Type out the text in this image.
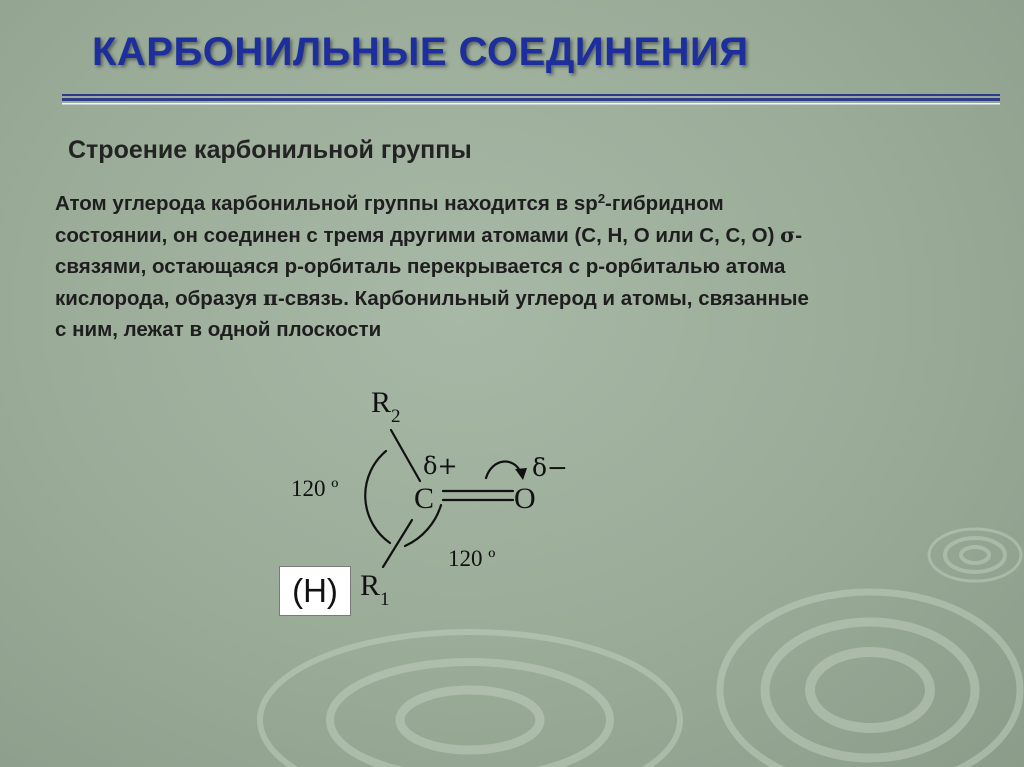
КАРБОНИЛЬНЫЕ СОЕДИНЕНИЯ
Строение карбонильной группы

Атом углерода карбонильной группы находится в $sp^2$-гибридном
состоянии, он соединен с тремя другими атомами (С, Н, О или С, С, О) σ-
связями, остающаяся р-орбиталь перекрывается с р-орбиталью атома
кислорода, образуя π-связь. Карбонильный углерод и атомы, связанные
с ним, лежат в одной плоскости

$R_2$
$R_1$
C	O
120 º
120 º
δ+	δ−
(H)
